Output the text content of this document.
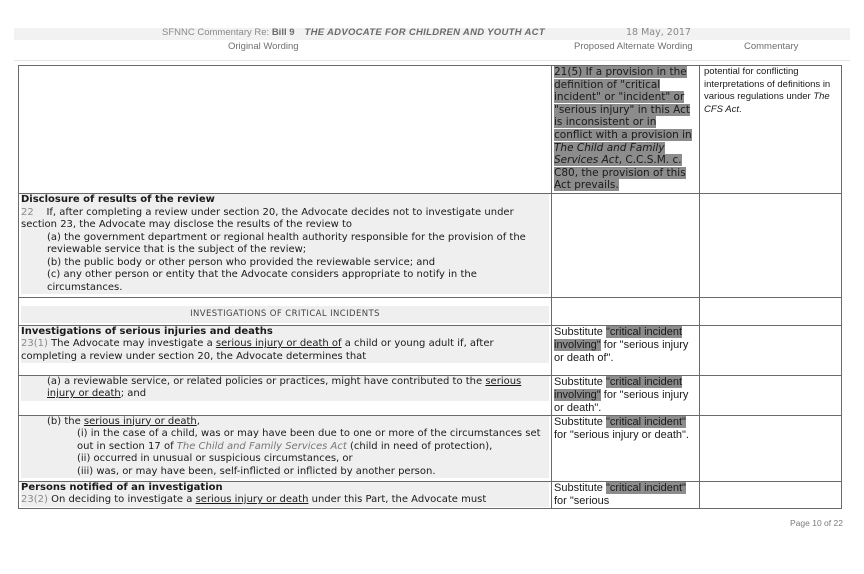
SFNNC Commentary Re: Bill 9 THE ADVOCATE FOR CHILDREN AND YOUTH ACT	18 May, 2017
Original Wording	Proposed Alternate Wording	Commentary

	21(5) If a provision in the definition of "critical incident" or "incident" or "serious injury" in this Act is inconsistent or in conflict with a provision in The Child and Family Services Act, C.C.S.M. c. C80, the provision of this Act prevails.	potential for conflicting interpretations of definitions in various regulations under The CFS Act.

Disclosure of results of the review
22 If, after completing a review under section 20, the Advocate decides not to investigate under section 23, the Advocate may disclose the results of the review to
(a) the government department or regional health authority responsible for the provision of the reviewable service that is the subject of the review;
(b) the public body or other person who provided the reviewable service; and
(c) any other person or entity that the Advocate considers appropriate to notify in the circumstances.		

INVESTIGATIONS OF CRITICAL INCIDENTS		

Investigations of serious injuries and deaths
23(1) The Advocate may investigate a serious injury or death of a child or young adult if, after completing a review under section 20, the Advocate determines that	Substitute "critical incident involving" for "serious injury or death of".	

(a) a reviewable service, or related policies or practices, might have contributed to the serious injury or death; and	Substitute "critical incident involving" for "serious injury or death".	

(b) the serious injury or death,
(i) in the case of a child, was or may have been due to one or more of the circumstances set out in section 17 of The Child and Family Services Act (child in need of protection),
(ii) occurred in unusual or suspicious circumstances, or
(iii) was, or may have been, self-inflicted or inflicted by another person.	Substitute "critical incident" for "serious injury or death".	

Persons notified of an investigation
23(2) On deciding to investigate a serious injury or death under this Part, the Advocate must	Substitute "critical incident" for "serious	

Page 10 of 22
